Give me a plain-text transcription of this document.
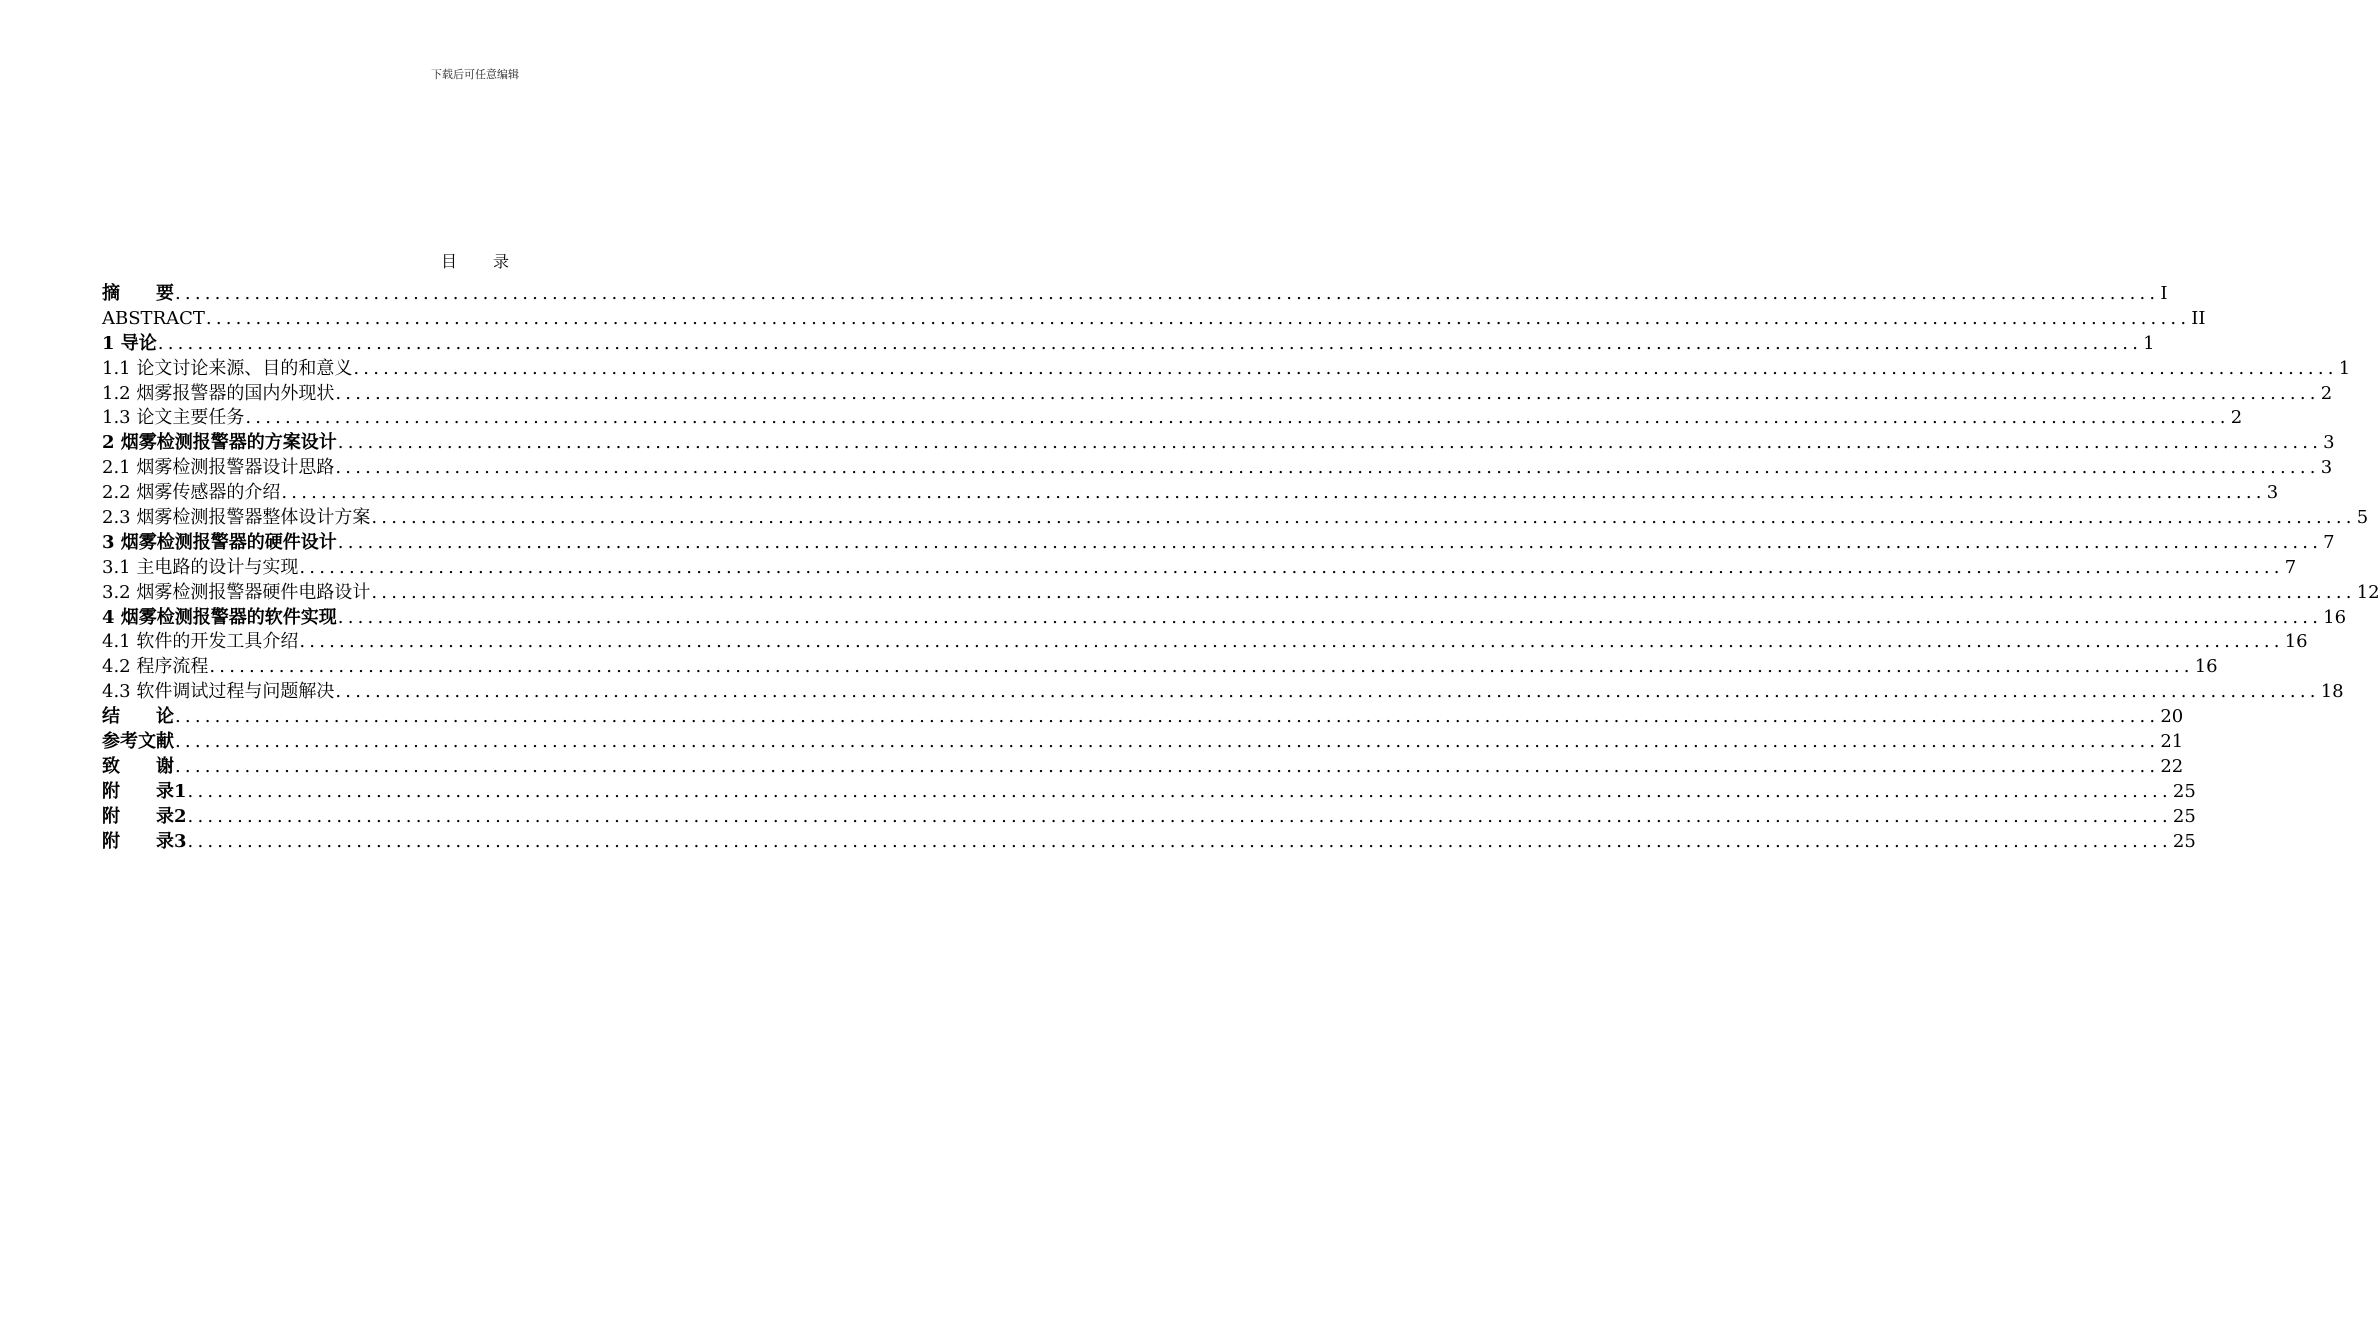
下载后可任意编辑
目 录
摘　　要 ........................................................................................................................................................................................................ I
ABSTRACT ........................................................................................................................................................................................................ II
1 导论 ........................................................................................................................................................................................................ 1
1.1 论文讨论来源、目的和意义 ........................................................................................................................................................................................................ 1
1.2 烟雾报警器的国内外现状 ........................................................................................................................................................................................................ 2
1.3 论文主要任务 ........................................................................................................................................................................................................ 2
2 烟雾检测报警器的方案设计 ........................................................................................................................................................................................................ 3
2.1 烟雾检测报警器设计思路 ........................................................................................................................................................................................................ 3
2.2 烟雾传感器的介绍 ........................................................................................................................................................................................................ 3
2.3 烟雾检测报警器整体设计方案 ........................................................................................................................................................................................................ 5
3 烟雾检测报警器的硬件设计 ........................................................................................................................................................................................................ 7
3.1 主电路的设计与实现 ........................................................................................................................................................................................................ 7
3.2 烟雾检测报警器硬件电路设计 ........................................................................................................................................................................................................ 12
4 烟雾检测报警器的软件实现 ........................................................................................................................................................................................................ 16
4.1 软件的开发工具介绍 ........................................................................................................................................................................................................ 16
4.2 程序流程 ........................................................................................................................................................................................................ 16
4.3 软件调试过程与问题解决 ........................................................................................................................................................................................................ 18
结　　论 ........................................................................................................................................................................................................ 20
参考文献 ........................................................................................................................................................................................................ 21
致　　谢 ........................................................................................................................................................................................................ 22
附　　录1 ........................................................................................................................................................................................................ 25
附　　录2 ........................................................................................................................................................................................................ 25
附　　录3 ........................................................................................................................................................................................................ 25
